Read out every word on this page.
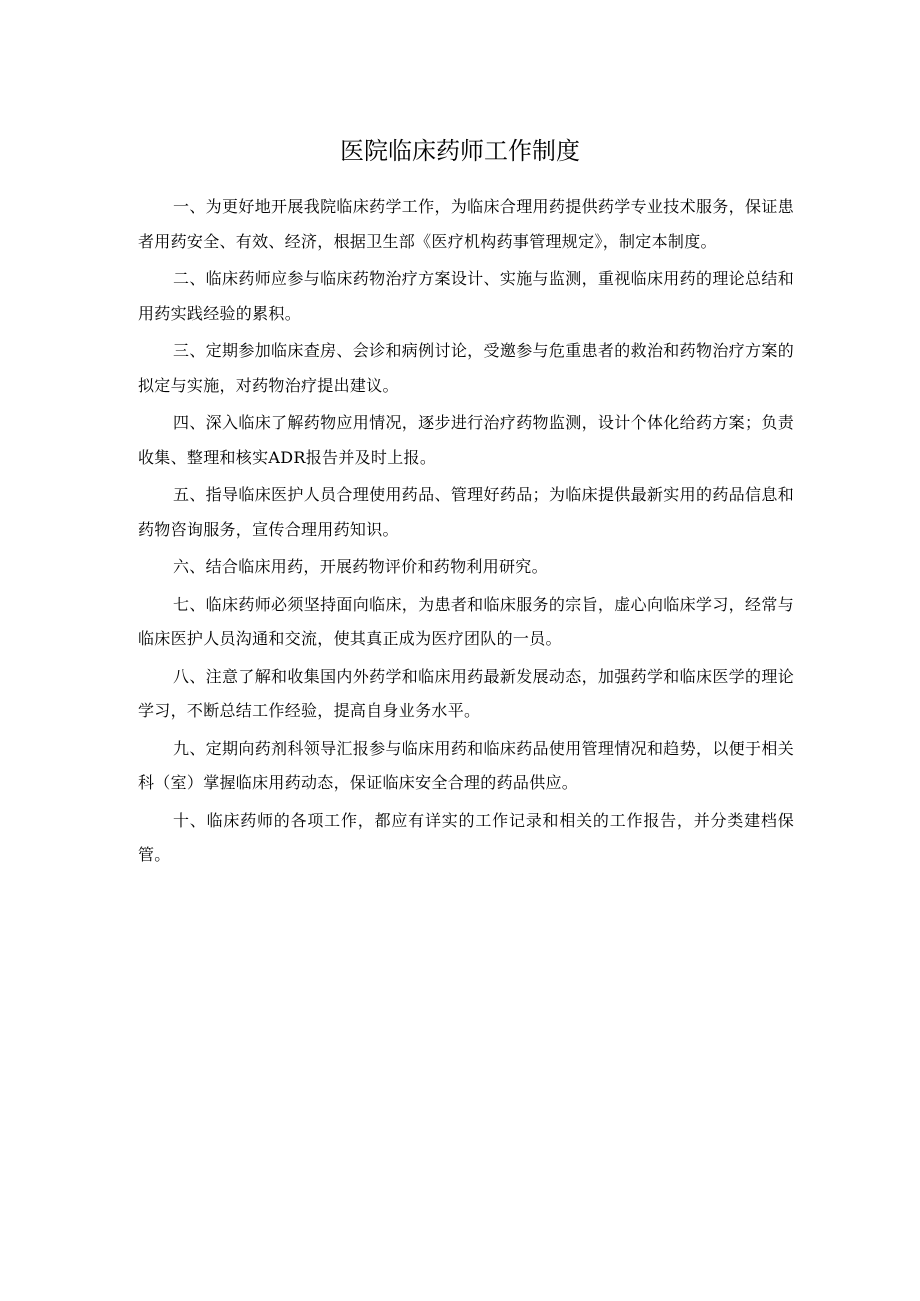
医院临床药师工作制度

一、为更好地开展我院临床药学工作，为临床合理用药提供药学专业技术服务，保证患者用药安全、有效、经济，根据卫生部《医疗机构药事管理规定》，制定本制度。

二、临床药师应参与临床药物治疗方案设计、实施与监测，重视临床用药的理论总结和用药实践经验的累积。

三、定期参加临床查房、会诊和病例讨论，受邀参与危重患者的救治和药物治疗方案的拟定与实施，对药物治疗提出建议。

四、深入临床了解药物应用情况，逐步进行治疗药物监测，设计个体化给药方案；负责收集、整理和核实ADR报告并及时上报。

五、指导临床医护人员合理使用药品、管理好药品；为临床提供最新实用的药品信息和药物咨询服务，宣传合理用药知识。

六、结合临床用药，开展药物评价和药物利用研究。

七、临床药师必须坚持面向临床，为患者和临床服务的宗旨，虚心向临床学习，经常与临床医护人员沟通和交流，使其真正成为医疗团队的一员。

八、注意了解和收集国内外药学和临床用药最新发展动态，加强药学和临床医学的理论学习，不断总结工作经验，提高自身业务水平。

九、定期向药剂科领导汇报参与临床用药和临床药品使用管理情况和趋势，以便于相关科（室）掌握临床用药动态，保证临床安全合理的药品供应。

十、临床药师的各项工作，都应有详实的工作记录和相关的工作报告，并分类建档保管。
